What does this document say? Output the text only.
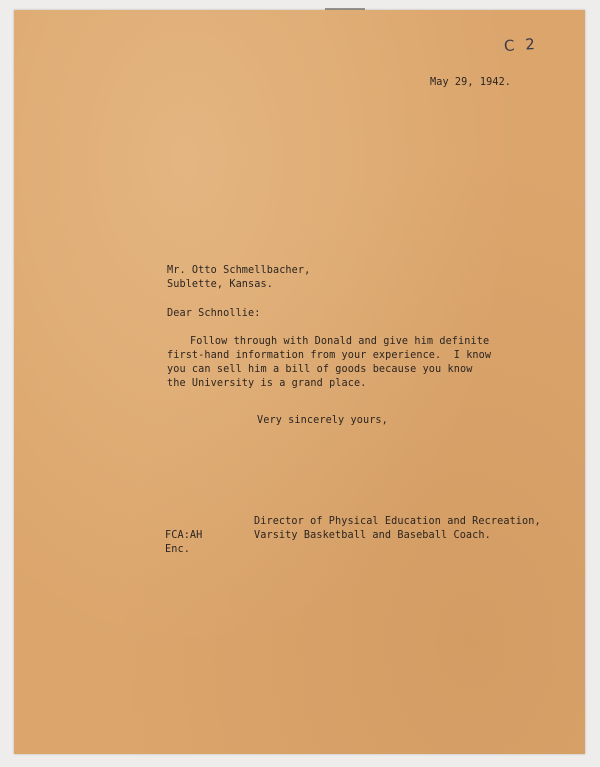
C 2

May 29, 1942.

Mr. Otto Schmellbacher,

Sublette, Kansas.

Dear Schnollie:

Follow through with Donald and give him definite

first-hand information from your experience.  I know

you can sell him a bill of goods because you know

the University is a grand place.

Very sincerely yours,

Director of Physical Education and Recreation,

Varsity Basketball and Baseball Coach.

FCA:AH

Enc.
